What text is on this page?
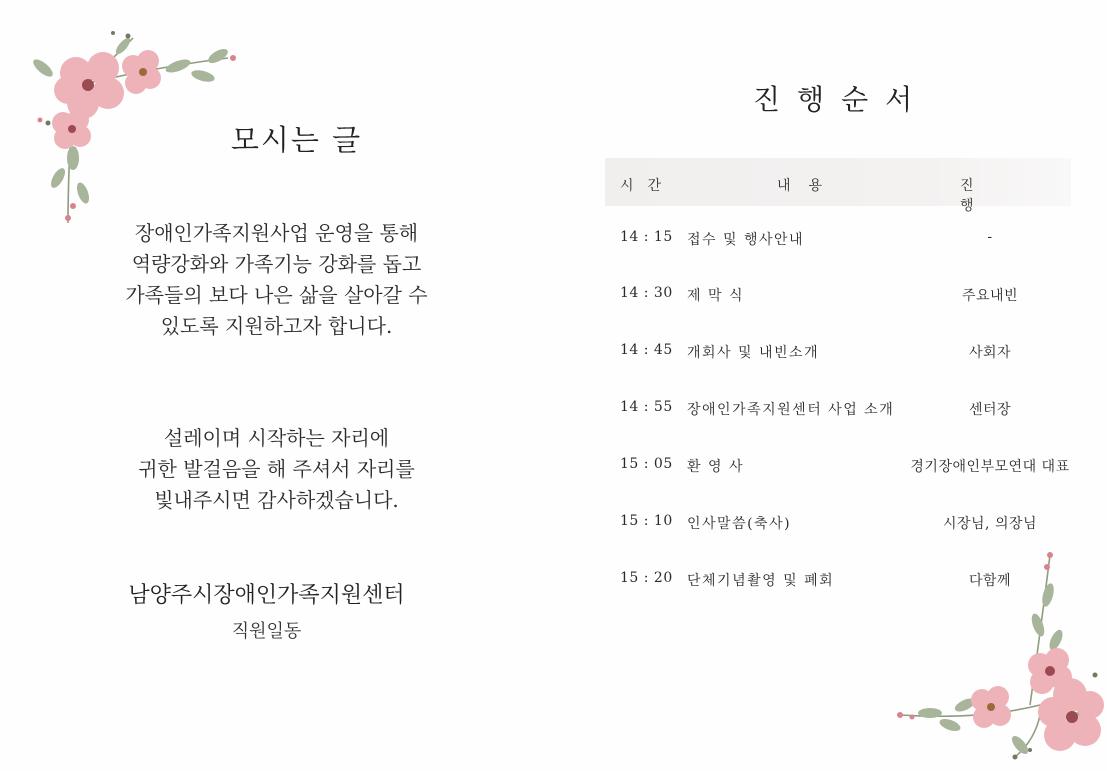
모시는 글
장애인가족지원사업 운영을 통해
역량강화와 가족기능 강화를 돕고
가족들의 보다 나은 삶을 살아갈 수
있도록 지원하고자 합니다.
설레이며 시작하는 자리에
귀한 발걸음을 해 주셔서 자리를
빛내주시면 감사하겠습니다.
남양주시장애인가족지원센터
직원일동
진행순서
시간	내용	진행
14 : 15 접수 및 행사안내	-
14 : 30 제 막 식	주요내빈
14 : 45 개회사 및 내빈소개	사회자
14 : 55 장애인가족지원센터 사업 소개	센터장
15 : 05 환 영 사	경기장애인부모연대 대표
15 : 10 인사말씀(축사)	시장님, 의장님
15 : 20 단체기념촬영 및 폐회	다함께
